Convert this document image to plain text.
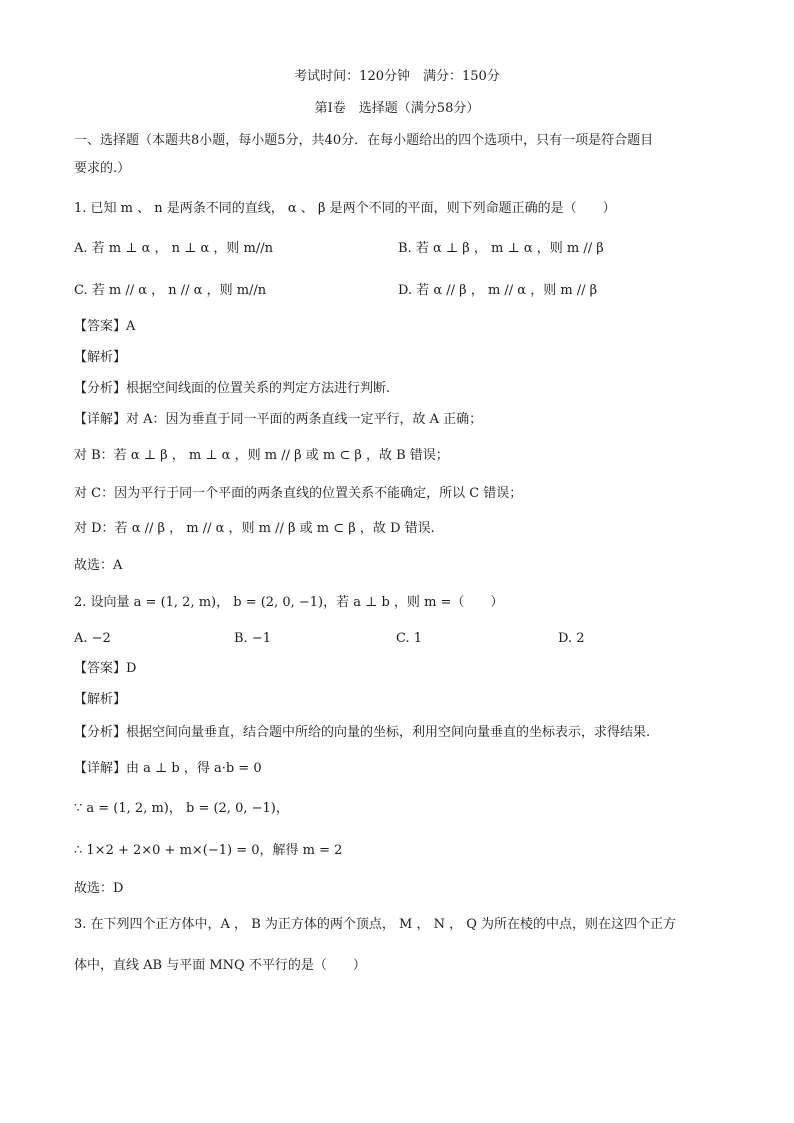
考试时间：120分钟　满分：150分
第I卷　选择题（满分58分）
一、选择题（本题共8小题，每小题5分，共40分．在每小题给出的四个选项中，只有一项是符合题目
要求的.）
1. 已知 m 、 n 是两条不同的直线， α 、 β 是两个不同的平面，则下列命题正确的是（　　）
A. 若 m ⊥ α ， n ⊥ α ，则 m//n	B. 若 α ⊥ β ， m ⊥ α ，则 m // β
C. 若 m // α ， n // α ，则 m//n	D. 若 α // β ， m // α ，则 m // β
【答案】A
【解析】
【分析】根据空间线面的位置关系的判定方法进行判断.
【详解】对 A：因为垂直于同一平面的两条直线一定平行，故 A 正确；
对 B：若 α ⊥ β ， m ⊥ α ，则 m // β 或 m ⊂ β ，故 B 错误；
对 C：因为平行于同一个平面的两条直线的位置关系不能确定，所以 C 错误；
对 D：若 α // β ， m // α ，则 m // β 或 m ⊂ β ，故 D 错误.
故选：A
2. 设向量 a = (1, 2, m)， b = (2, 0, −1)，若 a ⊥ b ，则 m =（　　）
A. −2	B. −1	C. 1	D. 2
【答案】D
【解析】
【分析】根据空间向量垂直，结合题中所给的向量的坐标，利用空间向量垂直的坐标表示，求得结果.
【详解】由 a ⊥ b ，得 a·b = 0
∵ a = (1, 2, m)， b = (2, 0, −1)，
∴ 1×2 + 2×0 + m×(−1) = 0，解得 m = 2
故选：D
3. 在下列四个正方体中，A ， B 为正方体的两个顶点， M ， N ， Q 为所在棱的中点，则在这四个正方
体中，直线 AB 与平面 MNQ 不平行的是（　　）
